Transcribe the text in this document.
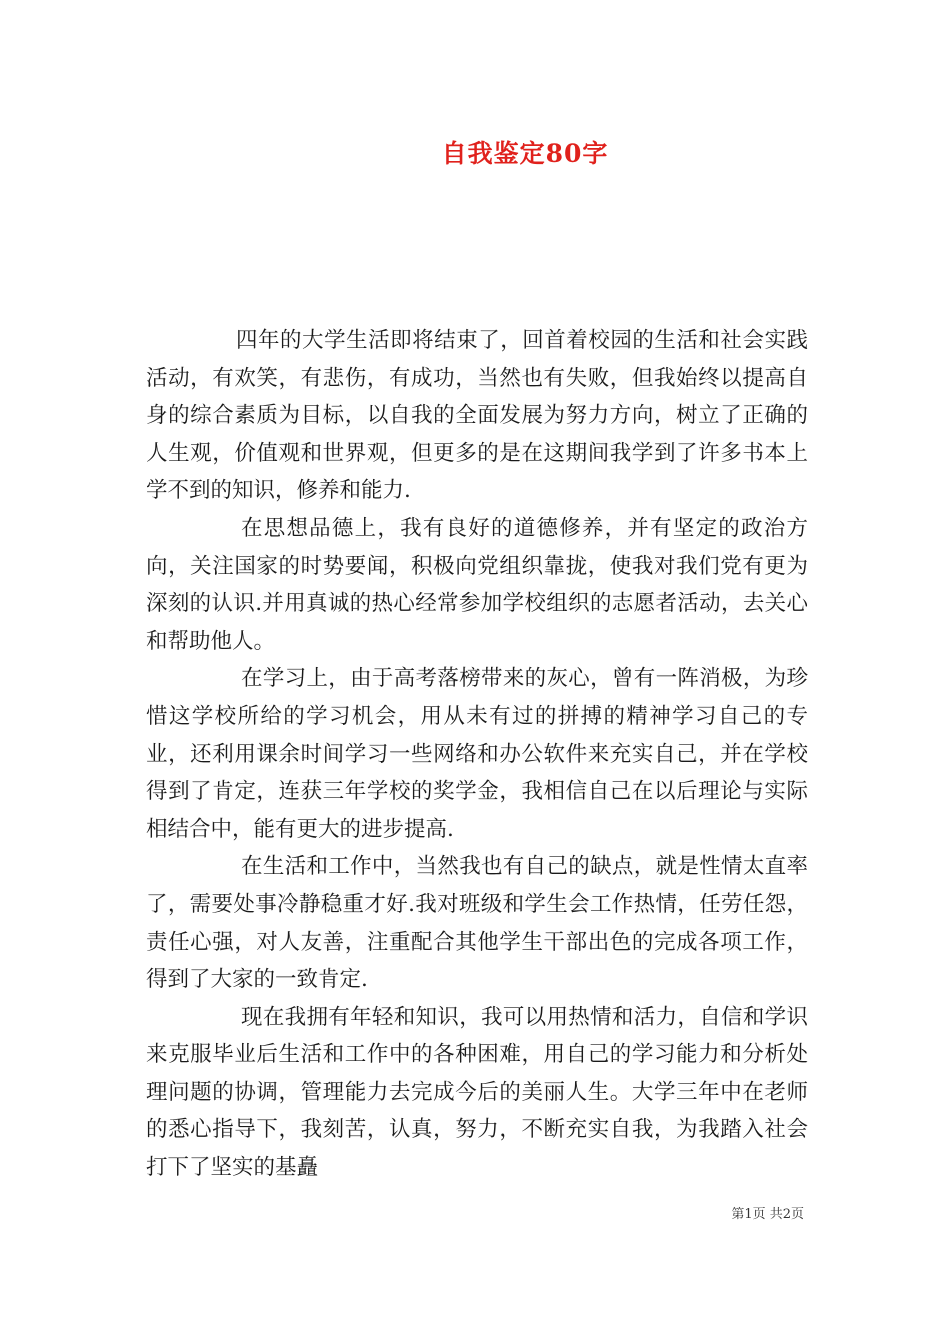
自我鉴定80字

四年的大学生活即将结束了，回首着校园的生活和社会实践活动，有欢笑，有悲伤，有成功，当然也有失败，但我始终以提高自身的综合素质为目标，以自我的全面发展为努力方向，树立了正确的人生观，价值观和世界观，但更多的是在这期间我学到了许多书本上学不到的知识，修养和能力.

在思想品德上，我有良好的道德修养，并有坚定的政治方向，关注国家的时势要闻，积极向党组织靠拢，使我对我们党有更为深刻的认识.并用真诚的热心经常参加学校组织的志愿者活动，去关心和帮助他人。

在学习上，由于高考落榜带来的灰心，曾有一阵消极，为珍惜这学校所给的学习机会，用从未有过的拼搏的精神学习自己的专业，还利用课余时间学习一些网络和办公软件来充实自己，并在学校得到了肯定，连获三年学校的奖学金，我相信自己在以后理论与实际相结合中，能有更大的进步提高.

在生活和工作中，当然我也有自己的缺点，就是性情太直率了，需要处事冷静稳重才好.我对班级和学生会工作热情，任劳任怨，责任心强，对人友善，注重配合其他学生干部出色的完成各项工作，得到了大家的一致肯定.

现在我拥有年轻和知识，我可以用热情和活力，自信和学识来克服毕业后生活和工作中的各种困难，用自己的学习能力和分析处理问题的协调，管理能力去完成今后的美丽人生。大学三年中在老师的悉心指导下，我刻苦，认真，努力，不断充实自我，为我踏入社会打下了坚实的基矗

第1页 共2页
